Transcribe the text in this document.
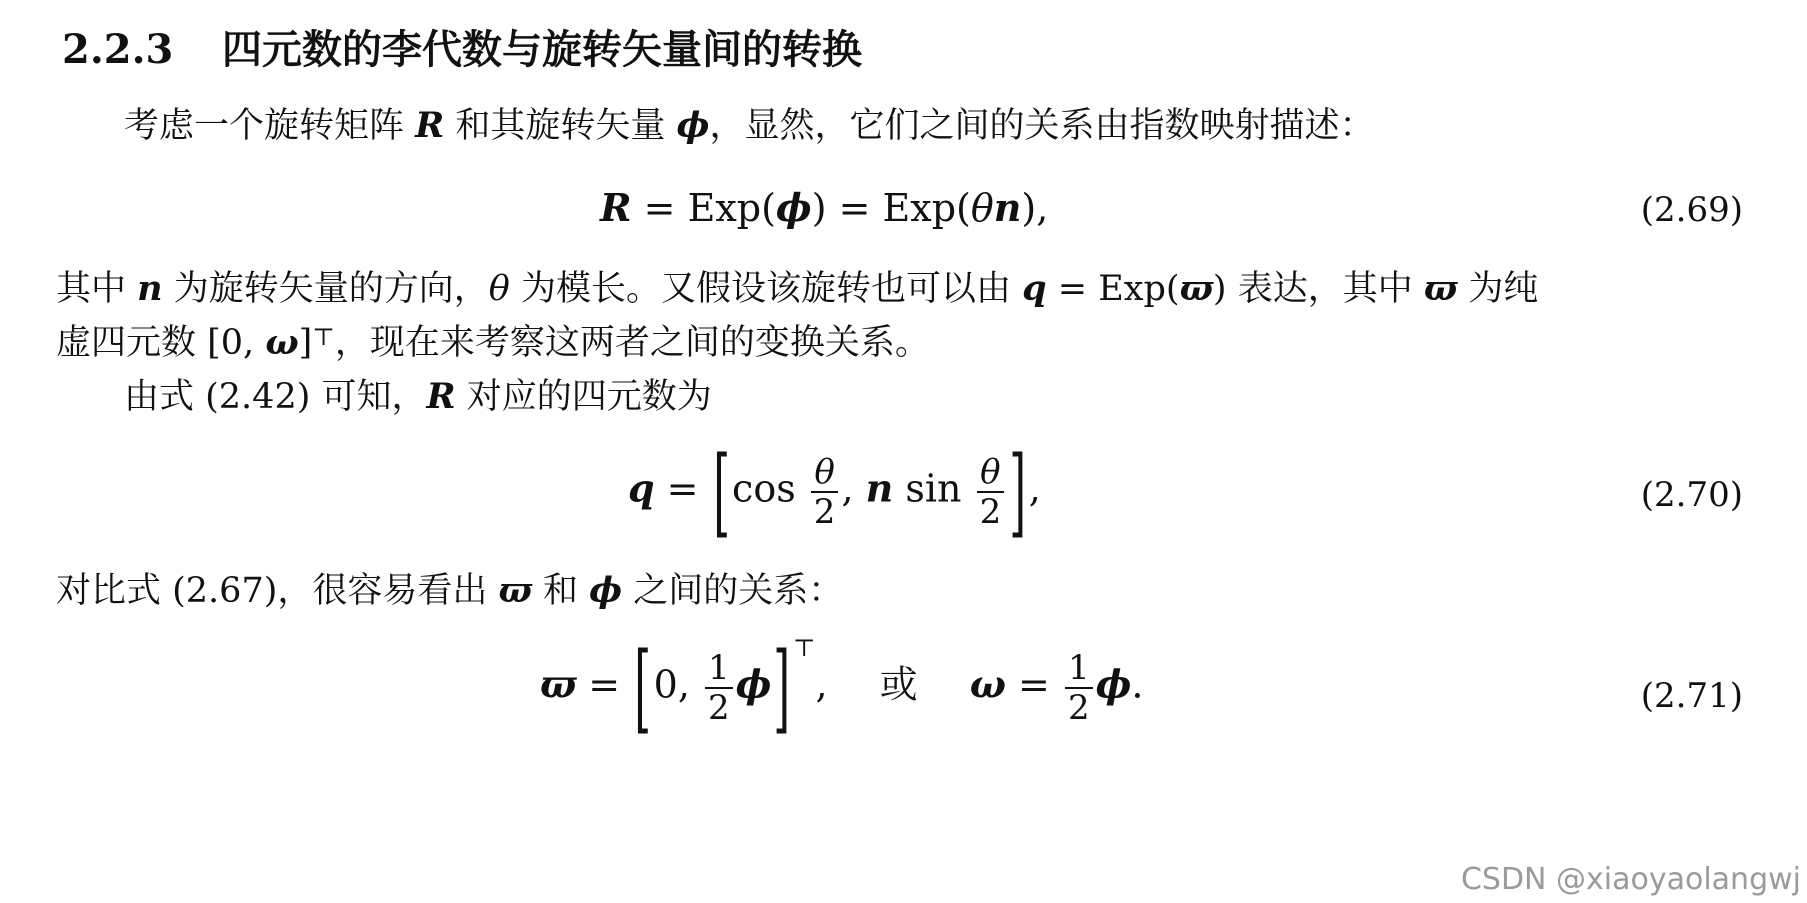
2.2.3 四元数的李代数与旋转矢量间的转换
考虑一个旋转矩阵 R 和其旋转矢量 ϕ，显然，它们之间的关系由指数映射描述：
R = Exp(ϕ) = Exp(θn),	(2.69)
其中 n 为旋转矢量的方向，θ 为模长。又假设该旋转也可以由 q = Exp(ϖ) 表达，其中 ϖ 为纯
虚四元数 [0, ω]⊤，现在来考察这两者之间的变换关系。
由式 (2.42) 可知，R 对应的四元数为
$q = [\cos \frac{\theta}{2}$ , n $\sin \frac{\theta}{2}$ ],	(2.70)
对比式 (2.67)，很容易看出 ϖ 和 ϕ 之间的关系：
ϖ = [0, $\frac{1}{2} \phi]^⊤$, 或 $\omega = \frac{1}{2} \phi$.	(2.71)
CSDN @xiaoyaolangwj
